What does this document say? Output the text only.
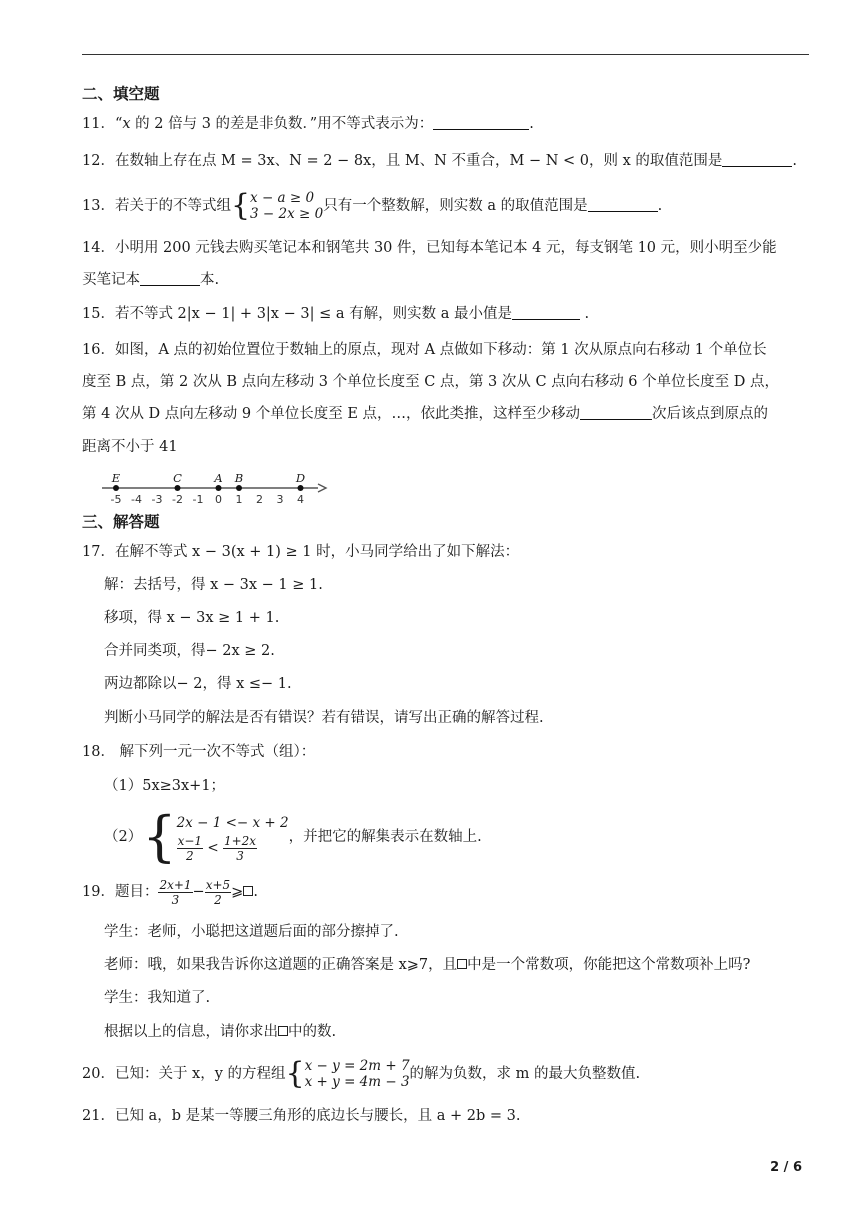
二、填空题
11．“x 的 2 倍与 3 的差是非负数．”用不等式表示为：	.
12．在数轴上存在点 M = 3x、N = 2 − 8x，且 M、N 不重合，M − N < 0，则 x 的取值范围是	.
13．若关于的不等式组{ x − a ≥ 0
3 − 2x ≥ 0 只有一个整数解，则实数 a 的取值范围是	.
14．小明用 200 元钱去购买笔记本和钢笔共 30 件，已知每本笔记本 4 元，每支钢笔 10 元，则小明至少能
买笔记本	本.
15．若不等式 2|x − 1| + 3|x − 3| ≤ a 有解，则实数 a 最小值是	.
16．如图，A 点的初始位置位于数轴上的原点，现对 A 点做如下移动：第 1 次从原点向右移动 1 个单位长
度至 B 点，第 2 次从 B 点向左移动 3 个单位长度至 C 点，第 3 次从 C 点向右移动 6 个单位长度至 D 点，
第 4 次从 D 点向左移动 9 个单位长度至 E 点，…，依此类推，这样至少移动	次后该点到原点的
距离不小于 41
-5 -4 -3 -2 -1 0 1 2 3 4
E	C	A B	D
三、解答题
17．在解不等式 x − 3(x + 1) ≥ 1 时，小马同学给出了如下解法：
解：去括号，得 x − 3x − 1 ≥ 1.
移项，得 x − 3x ≥ 1 + 1.
合并同类项，得− 2x ≥ 2.
两边都除以− 2，得 x ≤− 1.
判断小马同学的解法是否有错误？若有错误，请写出正确的解答过程.
18． 解下列一元一次不等式（组）：
（1）5x≥3x+1；
（2）{ 2x − 1 <− x + 2
$\frac{x-1}{2} < \frac{1+2x}{3}$ ，并把它的解集表示在数轴上.
19．题目： $\frac{2x+1}{3} - \frac{x+5}{2}$ ⩾ .
学生：老师，小聪把这道题后面的部分擦掉了.
老师：哦，如果我告诉你这道题的正确答案是 x⩾7，且 中是一个常数项，你能把这个常数项补上吗?
学生：我知道了.
根据以上的信息，请你求出 中的数.
20．已知：关于 x，y 的方程组{ x − y = 2m + 7
x + y = 4m − 3 的解为负数，求 m 的最大负整数值.
21．已知 a，b 是某一等腰三角形的底边长与腰长，且 a + 2b = 3.
2 / 6
